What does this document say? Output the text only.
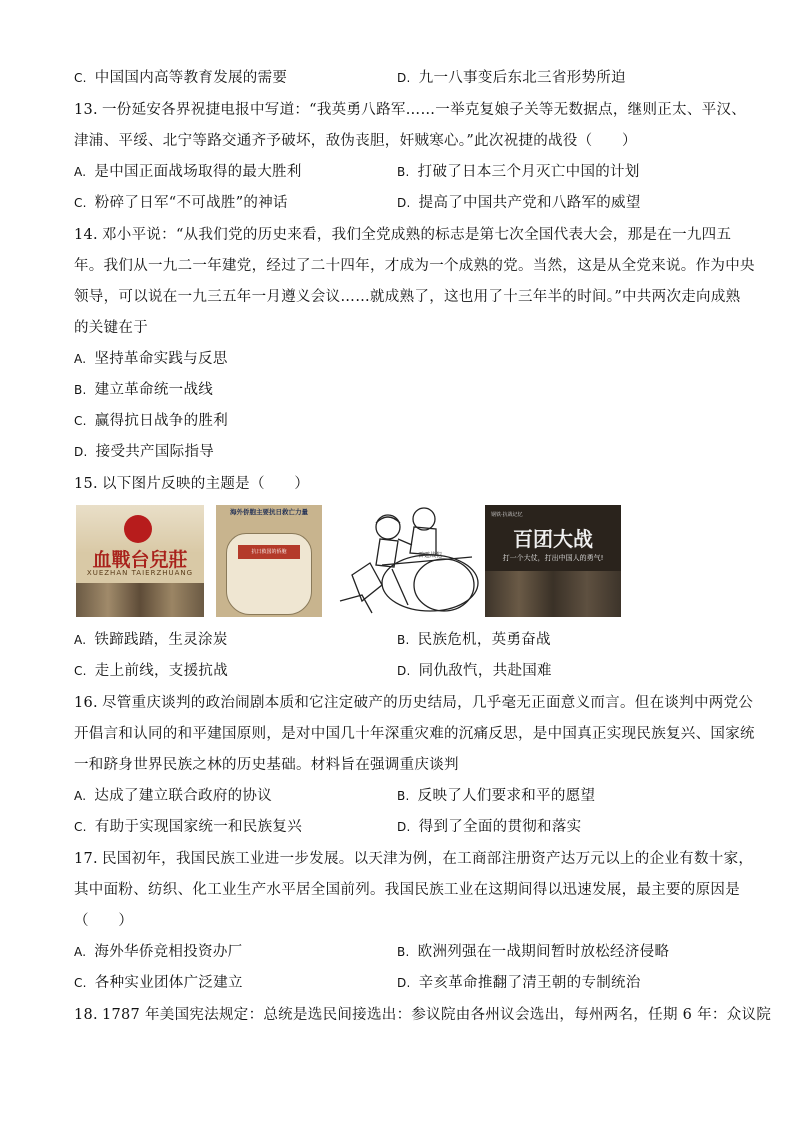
C. 中国国内高等教育发展的需要	D. 九一八事变后东北三省形势所迫
13. 一份延安各界祝捷电报中写道：“我英勇八路军……一举克复娘子关等无数据点，继则正太、平汉、
津浦、平绥、北宁等路交通齐予破坏，敌伪丧胆，奸贼寒心。”此次祝捷的战役（　　）
A. 是中国正面战场取得的最大胜利	B. 打破了日本三个月灭亡中国的计划
C. 粉碎了日军“不可战胜”的神话	D. 提高了中国共产党和八路军的威望
14. 邓小平说：“从我们党的历史来看，我们全党成熟的标志是第七次全国代表大会，那是在一九四五
年。我们从一九二一年建党，经过了二十四年，才成为一个成熟的党。当然，这是从全党来说。作为中央
领导，可以说在一九三五年一月遵义会议……就成熟了，这也用了十三年半的时间。”中共两次走向成熟
的关键在于
A. 坚持革命实践与反思
B. 建立革命统一战线
C. 赢得抗日战争的胜利
D. 接受共产国际指导
15. 以下图片反映的主题是（　　）
血戰台兒莊
XUEZHAN TAIERZHUANG
海外侨胞主要抗日救亡力量
抗日救国的侨胞	雷霆战犯
钢铁·抗战记忆
百团大战
打一个大仗，打出中国人的勇气!
A. 铁蹄践踏，生灵涂炭	B. 民族危机，英勇奋战
C. 走上前线，支援抗战	D. 同仇敌忾，共赴国难
16. 尽管重庆谈判的政治闹剧本质和它注定破产的历史结局，几乎毫无正面意义而言。但在谈判中两党公
开倡言和认同的和平建国原则，是对中国几十年深重灾难的沉痛反思，是中国真正实现民族复兴、国家统
一和跻身世界民族之林的历史基础。材料旨在强调重庆谈判
A. 达成了建立联合政府的协议	B. 反映了人们要求和平的愿望
C. 有助于实现国家统一和民族复兴	D. 得到了全面的贯彻和落实
17. 民国初年，我国民族工业进一步发展。以天津为例，在工商部注册资产达万元以上的企业有数十家，
其中面粉、纺织、化工业生产水平居全国前列。我国民族工业在这期间得以迅速发展，最主要的原因是
（　　）
A. 海外华侨竞相投资办厂	B. 欧洲列强在一战期间暂时放松经济侵略
C. 各种实业团体广泛建立	D. 辛亥革命推翻了清王朝的专制统治
18. 1787 年美国宪法规定：总统是选民间接选出：参议院由各州议会选出，每州两名，任期 6 年：众议院
